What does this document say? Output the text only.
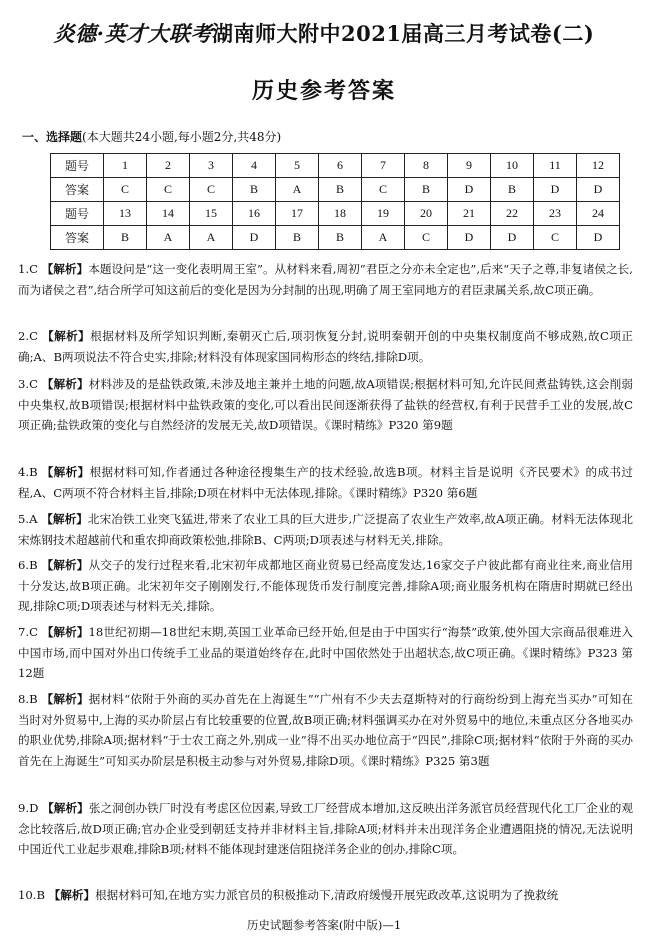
炎德·英才大联考湖南师大附中2021届高三月考试卷(二)
历史参考答案
一、选择题(本大题共24小题,每小题2分,共48分)
题号	1	2	3	4	5	6	7	8	9	10	11	12
答案	C	C	C	B	A	B	C	B	D	B	D	D
题号	13	14	15	16	17	18	19	20	21	22	23	24
答案	B	A	A	D	B	B	A	C	D	D	C	D
1.C 【解析】本题设问是“这一变化表明周王室”。从材料来看,周初“君臣之分亦未全定也”,后来“天子之尊,非复诸侯之长,而为诸侯之君”,结合所学可知这前后的变化是因为分封制的出现,明确了周王室同地方的君臣隶属关系,故C项正确。
2.C 【解析】根据材料及所学知识判断,秦朝灭亡后,项羽恢复分封,说明秦朝开创的中央集权制度尚不够成熟,故C项正确;A、B两项说法不符合史实,排除;材料没有体现家国同构形态的终结,排除D项。
3.C 【解析】材料涉及的是盐铁政策,未涉及地主兼并土地的问题,故A项错误;根据材料可知,允许民间煮盐铸铁,这会削弱中央集权,故B项错误;根据材料中盐铁政策的变化,可以看出民间逐渐获得了盐铁的经营权,有利于民营手工业的发展,故C项正确;盐铁政策的变化与自然经济的发展无关,故D项错误。《课时精练》P320 第9题
4.B 【解析】根据材料可知,作者通过各种途径搜集生产的技术经验,故选B项。材料主旨是说明《齐民要术》的成书过程,A、C两项不符合材料主旨,排除;D项在材料中无法体现,排除。《课时精练》P320 第6题
5.A 【解析】北宋冶铁工业突飞猛进,带来了农业工具的巨大进步,广泛提高了农业生产效率,故A项正确。材料无法体现北宋炼钢技术超越前代和重农抑商政策松弛,排除B、C两项;D项表述与材料无关,排除。
6.B 【解析】从交子的发行过程来看,北宋初年成都地区商业贸易已经高度发达,16家交子户彼此都有商业往来,商业信用十分发达,故B项正确。北宋初年交子刚刚发行,不能体现货币发行制度完善,排除A项;商业服务机构在隋唐时期就已经出现,排除C项;D项表述与材料无关,排除。
7.C 【解析】18世纪初期—18世纪末期,英国工业革命已经开始,但是由于中国实行“海禁”政策,使外国大宗商品很难进入中国市场,而中国对外出口传统手工业品的渠道始终存在,此时中国依然处于出超状态,故C项正确。《课时精练》P323 第12题
8.B 【解析】据材料“依附于外商的买办首先在上海诞生”“广州有不少夫去趸斯特对的行商纷纷到上海充当买办”可知在当时对外贸易中,上海的买办阶层占有比较重要的位置,故B项正确;材料强调买办在对外贸易中的地位,未重点区分各地买办的职业优势,排除A项;据材料“于士农工商之外,别成一业”得不出买办地位高于“四民”,排除C项;据材料“依附于外商的买办首先在上海诞生”可知买办阶层是积极主动参与对外贸易,排除D项。《课时精练》P325 第3题
9.D 【解析】张之洞创办铁厂时没有考虑区位因素,导致工厂经营成本增加,这反映出洋务派官员经营现代化工厂企业的观念比较落后,故D项正确;官办企业受到朝廷支持并非材料主旨,排除A项;材料并未出现洋务企业遭遇阻挠的情况,无法说明中国近代工业起步艰难,排除B项;材料不能体现封建迷信阻挠洋务企业的创办,排除C项。
10.B 【解析】根据材料可知,在地方实力派官员的积极推动下,清政府缓慢开展宪政改革,这说明为了挽救统
历史试题参考答案(附中版)—1
